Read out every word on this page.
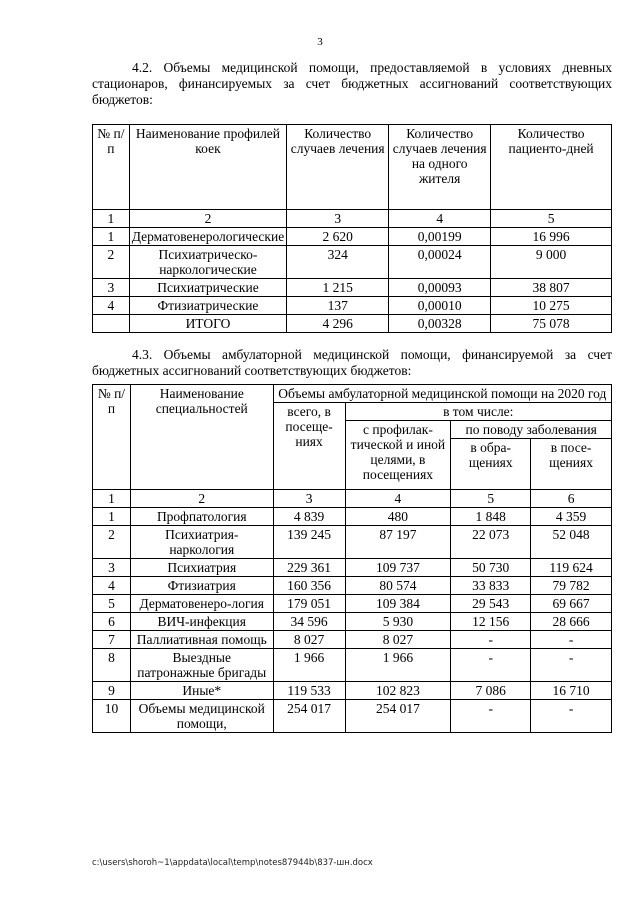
3
4.2. Объемы медицинской помощи, предоставляемой в условиях дневных стационаров, финансируемых за счет бюджетных ассигнований соответствующих бюджетов:
№ п/п	Наименование профилей коек	Количество случаев лечения	Количество случаев лечения на одного жителя	Количество пациенто-дней
1	2	3	4	5
1	Дерматовенерологические	2 620	0,00199	16 996
2	Психиатрическо-наркологические	324	0,00024	9 000
3	Психиатрические	1 215	0,00093	38 807
4	Фтизиатрические	137	0,00010	10 275
	ИТОГО	4 296	0,00328	75 078
4.3. Объемы амбулаторной медицинской помощи, финансируемой за счет бюджетных ассигнований соответствующих бюджетов:
№ п/п	Наименование специальностей	Объемы амбулаторной медицинской помощи на 2020 год			
		всего, в посеще-ниях	в том числе:		
			с профилак-тической и иной целями, в посещениях	по поводу заболевания	
				в обра-щениях	в посе-щениях
1	2	3	4	5	6
1	Профпатология	4 839	480	1 848	4 359
2	Психиатрия-наркология	139 245	87 197	22 073	52 048
3	Психиатрия	229 361	109 737	50 730	119 624
4	Фтизиатрия	160 356	80 574	33 833	79 782
5	Дерматовенеро-логия	179 051	109 384	29 543	69 667
6	ВИЧ-инфекция	34 596	5 930	12 156	28 666
7	Паллиативная помощь	8 027	8 027	-	-
8	Выездные патронажные бригады	1 966	1 966	-	-
9	Иные*	119 533	102 823	7 086	16 710
10	Объемы медицинской помощи,	254 017	254 017	-	-
c:\users\shoroh~1\appdata\local\temp\notes87944b\837-шн.docx
